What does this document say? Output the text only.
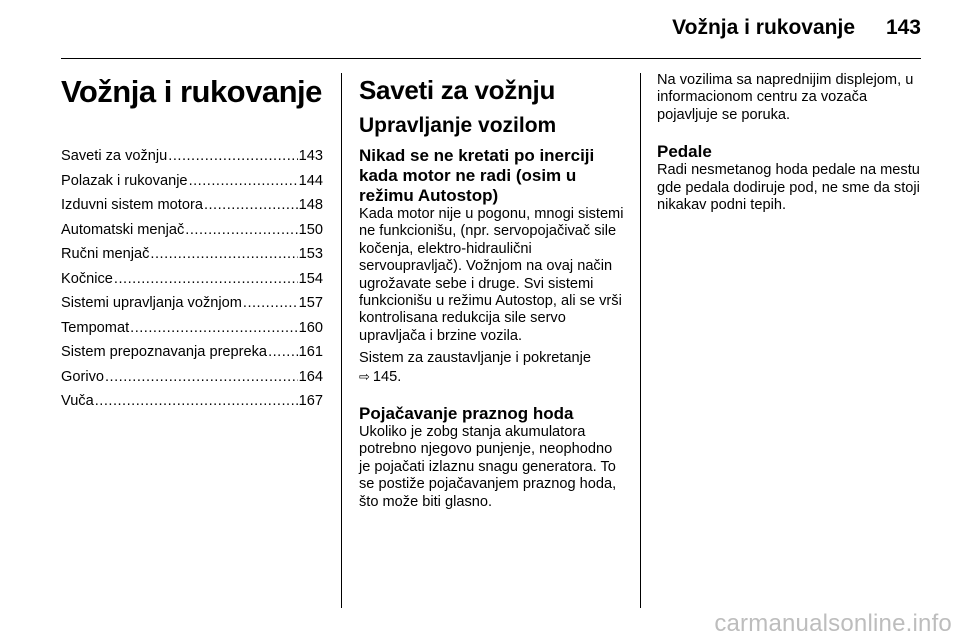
Vožnja i rukovanje 143
Vožnja i rukovanje
Saveti za vožnju .....	143
Polazak i rukovanje .....	144
Izduvni sistem motora .....	148
Automatski menjač .....	150
Ručni menjač .....	153
Kočnice .....	154
Sistemi upravljanja vožnjom .....	157
Tempomat .....	160
Sistem prepoznavanja prepreka ..... 161
Gorivo .....	164
Vuča .....	167
Saveti za vožnju
Upravljanje vozilom
Nikad se ne kretati po inerciji kada motor ne radi (osim u režimu Autostop)

Kada motor nije u pogonu, mnogi sistemi ne funkcionišu, (npr. servopojačivač sile kočenja, elektro-hidraulični servoupravljač). Vožnjom na ovaj način ugrožavate sebe i druge. Svi sistemi funkcionišu u režimu Autostop, ali se vrši kontrolisana redukcija sile servo upravljača i brzine vozila.

Sistem za zaustavljanje i pokretanje
⇨ 145.

Pojačavanje praznog hoda

Ukoliko je zobg stanja akumulatora potrebno njegovo punjenje, neophodno je pojačati izlaznu snagu generatora. To se postiže pojačavanjem praznog hoda, što može biti glasno.

Na vozilima sa naprednijim displejom, u informacionom centru za vozača pojavljuje se poruka.

Pedale

Radi nesmetanog hoda pedale na mestu gde pedala dodiruje pod, ne sme da stoji nikakav podni tepih.

carmanualsonline.info
